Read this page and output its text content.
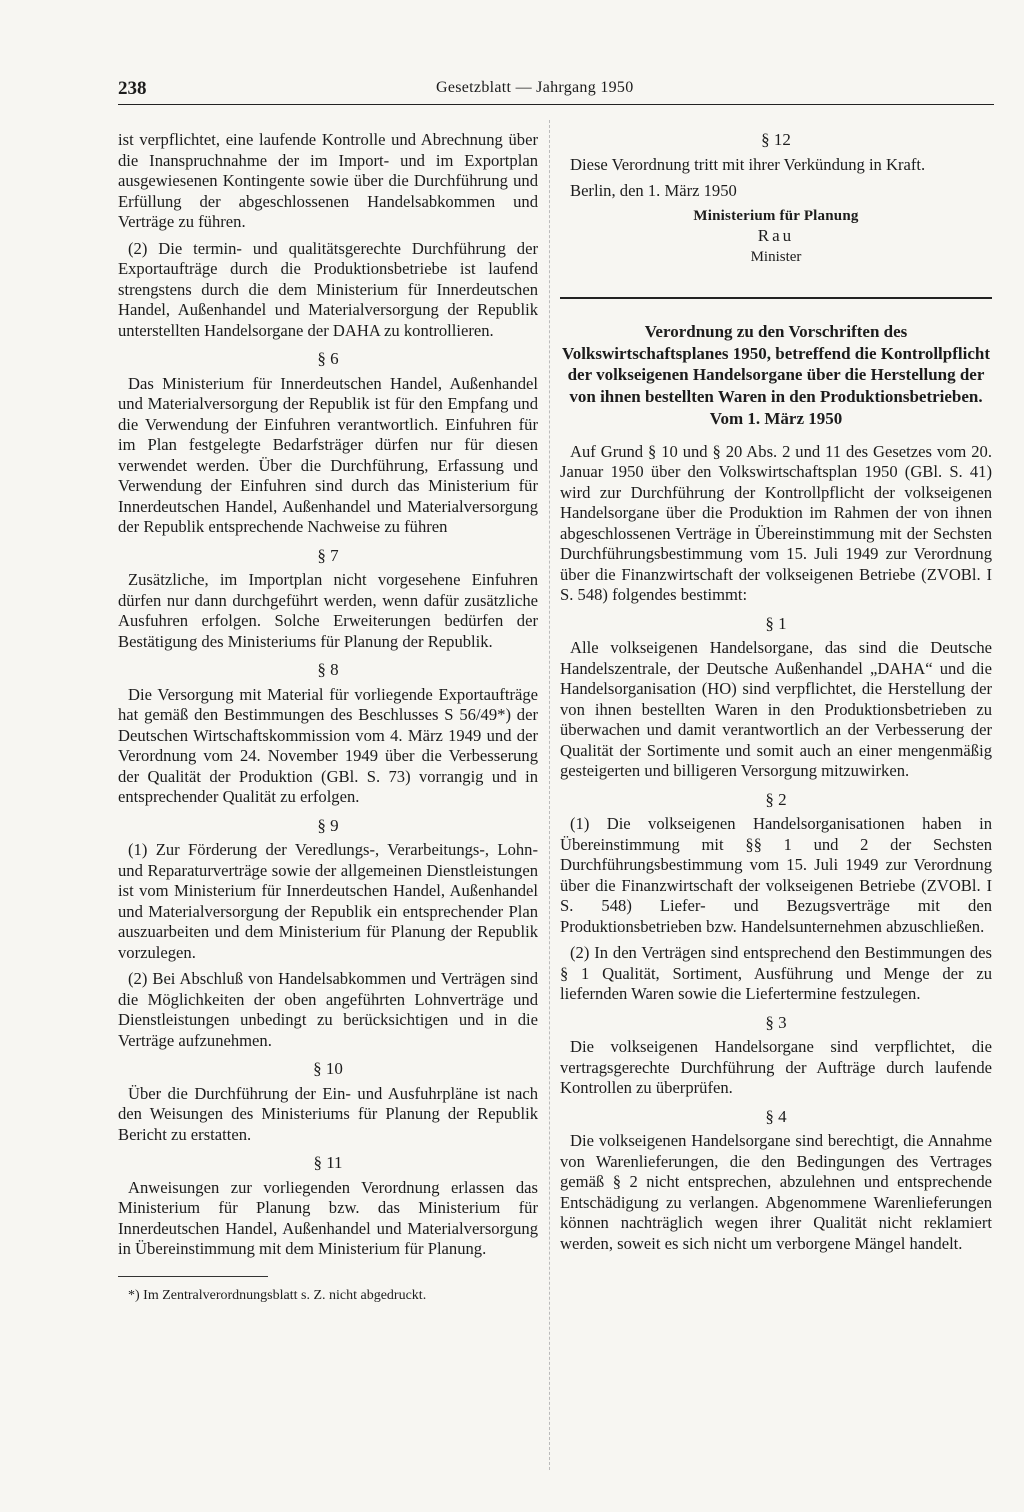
238	Gesetzblatt — Jahrgang 1950

ist verpflichtet, eine laufende Kontrolle und Abrechnung über die Inanspruchnahme der im Import- und im Exportplan ausgewiesenen Kontingente sowie über die Durchführung und Erfüllung der abgeschlossenen Handelsabkommen und Verträge zu führen.

(2) Die termin- und qualitätsgerechte Durchführung der Exportaufträge durch die Produktionsbetriebe ist laufend strengstens durch die dem Ministerium für Innerdeutschen Handel, Außenhandel und Materialversorgung der Republik unterstellten Handelsorgane der DAHA zu kontrollieren.

§ 6

Das Ministerium für Innerdeutschen Handel, Außenhandel und Materialversorgung der Republik ist für den Empfang und die Verwendung der Einfuhren verantwortlich. Einfuhren für im Plan festgelegte Bedarfsträger dürfen nur für diesen verwendet werden. Über die Durchführung, Erfassung und Verwendung der Einfuhren sind durch das Ministerium für Innerdeutschen Handel, Außenhandel und Materialversorgung der Republik entsprechende Nachweise zu führen

§ 7

Zusätzliche, im Importplan nicht vorgesehene Einfuhren dürfen nur dann durchgeführt werden, wenn dafür zusätzliche Ausfuhren erfolgen. Solche Erweiterungen bedürfen der Bestätigung des Ministeriums für Planung der Republik.

§ 8

Die Versorgung mit Material für vorliegende Exportaufträge hat gemäß den Bestimmungen des Beschlusses S 56/49*) der Deutschen Wirtschaftskommission vom 4. März 1949 und der Verordnung vom 24. November 1949 über die Verbesserung der Qualität der Produktion (GBl. S. 73) vorrangig und in entsprechender Qualität zu erfolgen.

§ 9

(1) Zur Förderung der Veredlungs-, Verarbeitungs-, Lohn- und Reparaturverträge sowie der allgemeinen Dienstleistungen ist vom Ministerium für Innerdeutschen Handel, Außenhandel und Materialversorgung der Republik ein entsprechender Plan auszuarbeiten und dem Ministerium für Planung der Republik vorzulegen.

(2) Bei Abschluß von Handelsabkommen und Verträgen sind die Möglichkeiten der oben angeführten Lohnverträge und Dienstleistungen unbedingt zu berücksichtigen und in die Verträge aufzunehmen.

§ 10

Über die Durchführung der Ein- und Ausfuhrpläne ist nach den Weisungen des Ministeriums für Planung der Republik Bericht zu erstatten.

§ 11

Anweisungen zur vorliegenden Verordnung erlassen das Ministerium für Planung bzw. das Ministerium für Innerdeutschen Handel, Außenhandel und Materialversorgung in Übereinstimmung mit dem Ministerium für Planung.

*) Im Zentralverordnungsblatt s. Z. nicht abgedruckt.

§ 12

Diese Verordnung tritt mit ihrer Verkündung in Kraft.

Berlin, den 1. März 1950

Ministerium für Planung
Rau
Minister
Verordnung zu den Vorschriften des Volkswirtschaftsplanes 1950, betreffend die Kontrollpflicht der volkseigenen Handelsorgane über die Herstellung der von ihnen bestellten Waren in den Produktionsbetrieben.
Vom 1. März 1950

Auf Grund § 10 und § 20 Abs. 2 und 11 des Gesetzes vom 20. Januar 1950 über den Volkswirtschaftsplan 1950 (GBl. S. 41) wird zur Durchführung der Kontrollpflicht der volkseigenen Handelsorgane über die Produktion im Rahmen der von ihnen abgeschlossenen Verträge in Übereinstimmung mit der Sechsten Durchführungsbestimmung vom 15. Juli 1949 zur Verordnung über die Finanzwirtschaft der volkseigenen Betriebe (ZVOBl. I S. 548) folgendes bestimmt:

§ 1

Alle volkseigenen Handelsorgane, das sind die Deutsche Handelszentrale, der Deutsche Außenhandel „DAHA“ und die Handelsorganisation (HO) sind verpflichtet, die Herstellung der von ihnen bestellten Waren in den Produktionsbetrieben zu überwachen und damit verantwortlich an der Verbesserung der Qualität der Sortimente und somit auch an einer mengenmäßig gesteigerten und billigeren Versorgung mitzuwirken.

§ 2

(1) Die volkseigenen Handelsorganisationen haben in Übereinstimmung mit §§ 1 und 2 der Sechsten Durchführungsbestimmung vom 15. Juli 1949 zur Verordnung über die Finanzwirtschaft der volkseigenen Betriebe (ZVOBl. I S. 548) Liefer- und Bezugsverträge mit den Produktionsbetrieben bzw. Handelsunternehmen abzuschließen.

(2) In den Verträgen sind entsprechend den Bestimmungen des § 1 Qualität, Sortiment, Ausführung und Menge der zu liefernden Waren sowie die Liefertermine festzulegen.

§ 3

Die volkseigenen Handelsorgane sind verpflichtet, die vertragsgerechte Durchführung der Aufträge durch laufende Kontrollen zu überprüfen.

§ 4

Die volkseigenen Handelsorgane sind berechtigt, die Annahme von Warenlieferungen, die den Bedingungen des Vertrages gemäß § 2 nicht entsprechen, abzulehnen und entsprechende Entschädigung zu verlangen. Abgenommene Warenlieferungen können nachträglich wegen ihrer Qualität nicht reklamiert werden, soweit es sich nicht um verborgene Mängel handelt.
